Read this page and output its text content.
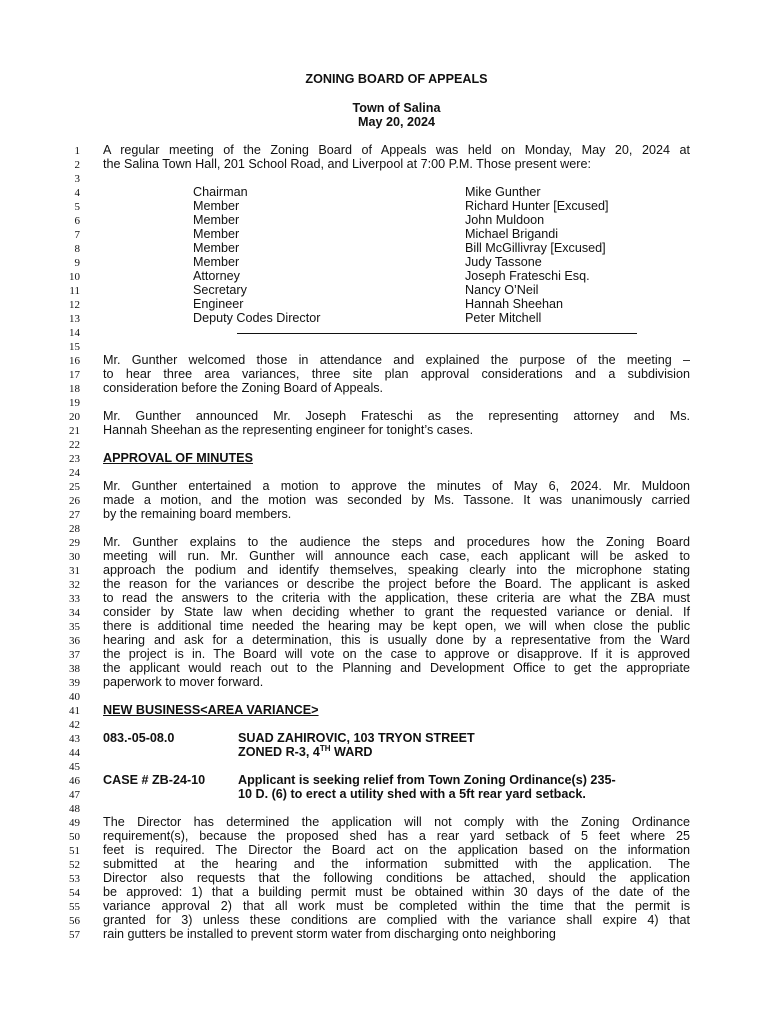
ZONING BOARD OF APPEALS
Town of Salina
May 20, 2024
1
2
3
4
5
6
7
8
9
10
11
12
13
14
15
16
17
18
19
20
21
22
23
24
25
26
27
28
29
30
31
32
33
34
35
36
37
38
39
40
41
42
43
44
45
46
47
48
49
50
51
52
53
54
55
56
57
A regular meeting of the Zoning Board of Appeals was held on Monday, May 20, 2024 at
the Salina Town Hall, 201 School Road, and Liverpool at 7:00 P.M. Those present were:
Chairman	Mike Gunther
Member	Richard Hunter [Excused]
Member	John Muldoon
Member	Michael Brigandi
Member	Bill McGillivray [Excused]
Member	Judy Tassone
Attorney	Joseph Frateschi Esq.
Secretary	Nancy O’Neil
Engineer	Hannah Sheehan
Deputy Codes Director	Peter Mitchell
Mr. Gunther welcomed those in attendance and explained the purpose of the meeting –
to hear three area variances, three site plan approval considerations and a subdivision
consideration before the Zoning Board of Appeals.
Mr. Gunther announced Mr. Joseph Frateschi as the representing attorney and Ms.
Hannah Sheehan as the representing engineer for tonight’s cases.
APPROVAL OF MINUTES
Mr. Gunther entertained a motion to approve the minutes of May 6, 2024. Mr. Muldoon
made a motion, and the motion was seconded by Ms. Tassone. It was unanimously carried
by the remaining board members.
Mr. Gunther explains to the audience the steps and procedures how the Zoning Board
meeting will run. Mr. Gunther will announce each case, each applicant will be asked to
approach the podium and identify themselves, speaking clearly into the microphone stating
the reason for the variances or describe the project before the Board. The applicant is asked
to read the answers to the criteria with the application, these criteria are what the ZBA must
consider by State law when deciding whether to grant the requested variance or denial. If
there is additional time needed the hearing may be kept open, we will when close the public
hearing and ask for a determination, this is usually done by a representative from the Ward
the project is in. The Board will vote on the case to approve or disapprove. If it is approved
the applicant would reach out to the Planning and Development Office to get the appropriate
paperwork to mover forward.
NEW BUSINESS<AREA VARIANCE>
083.-05-08.0	SUAD ZAHIROVIC, 103 TRYON STREET
ZONED R-3, 4TH WARD
CASE # ZB-24-10	Applicant is seeking relief from Town Zoning Ordinance(s) 235-
10 D. (6) to erect a utility shed with a 5ft rear yard setback.
The Director has determined the application will not comply with the Zoning Ordinance
requirement(s), because the proposed shed has a rear yard setback of 5 feet where 25
feet is required. The Director the Board act on the application based on the information
submitted at the hearing and the information submitted with the application. The
Director also requests that the following conditions be attached, should the application
be approved: 1) that a building permit must be obtained within 30 days of the date of the
variance approval 2) that all work must be completed within the time that the permit is
granted for 3) unless these conditions are complied with the variance shall expire 4) that
rain gutters be installed to prevent storm water from discharging onto neighboring
